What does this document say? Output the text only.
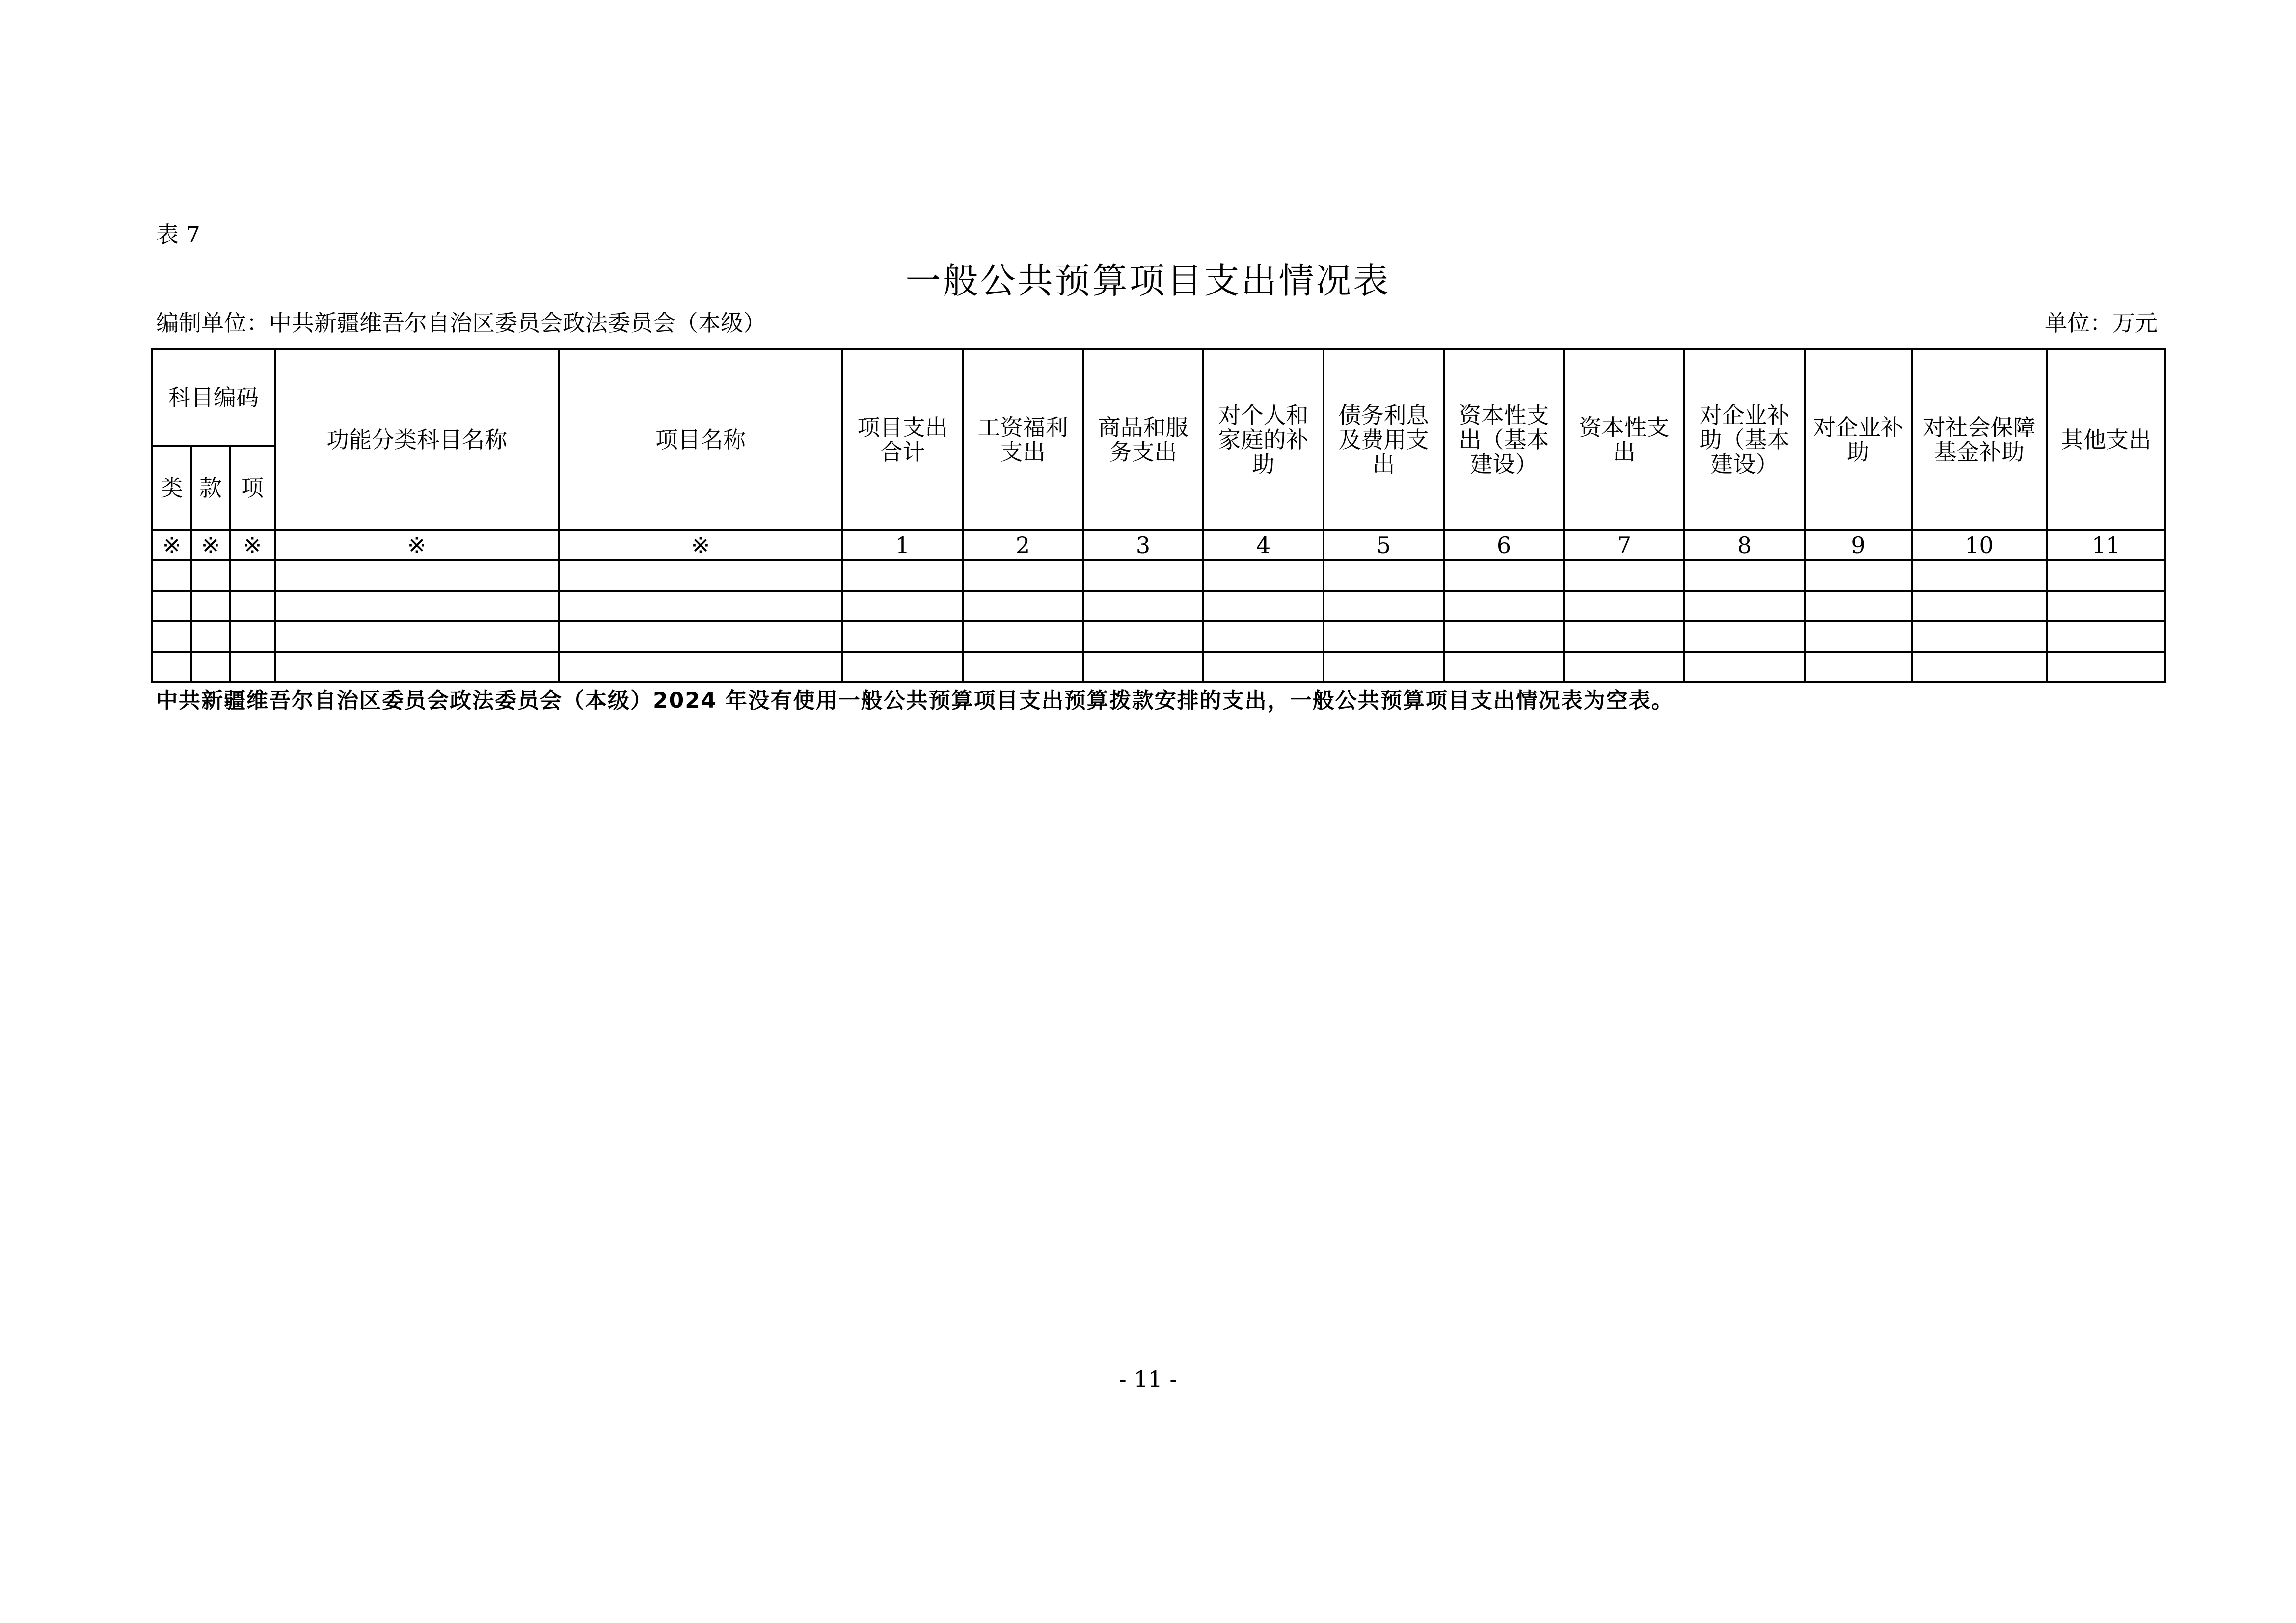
表 7
一般公共预算项目支出情况表
编制单位：中共新疆维吾尔自治区委员会政法委员会（本级）	单位：万元
科目编码			功能分类科目名称	项目名称	项目支出合计	工资福利支出	商品和服务支出	对个人和家庭的补助	债务利息及费用支出	资本性支出（基本建设）	资本性支出	对企业补助（基本建设）	对企业补助	对社会保障基金补助	其他支出
类	款	项													
※	※	※	※	※	1	2	3	4	5	6	7	8	9	10	11

中共新疆维吾尔自治区委员会政法委员会（本级）2024 年没有使用一般公共预算项目支出预算拨款安排的支出，一般公共预算项目支出情况表为空表。
- 11 -
